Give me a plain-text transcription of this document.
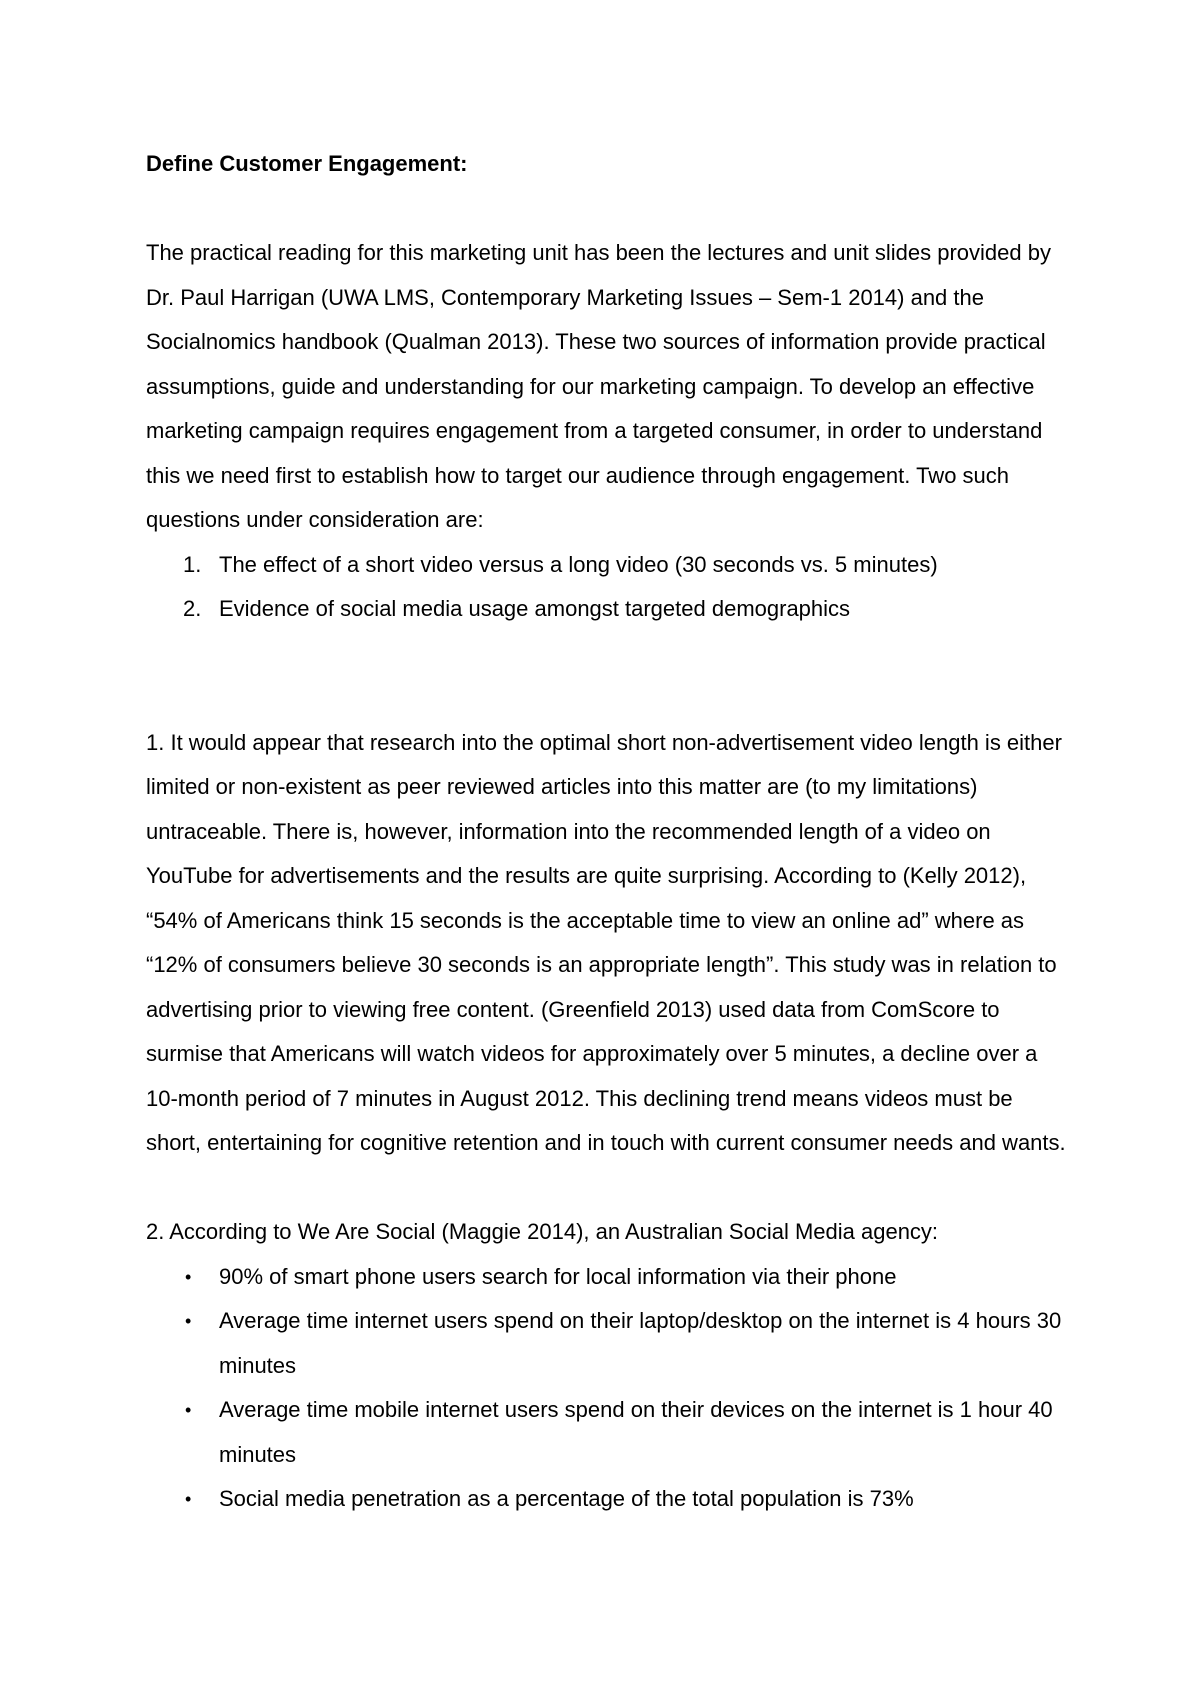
Define Customer Engagement:

The practical reading for this marketing unit has been the lectures and unit slides provided by Dr. Paul Harrigan (UWA LMS, Contemporary Marketing Issues – Sem-1 2014) and the Socialnomics handbook (Qualman 2013). These two sources of information provide practical assumptions, guide and understanding for our marketing campaign. To develop an effective marketing campaign requires engagement from a targeted consumer, in order to understand this we need first to establish how to target our audience through engagement. Two such questions under consideration are:

1. The effect of a short video versus a long video (30 seconds vs. 5 minutes)
2. Evidence of social media usage amongst targeted demographics

1. It would appear that research into the optimal short non-advertisement video length is either limited or non-existent as peer reviewed articles into this matter are (to my limitations) untraceable. There is, however, information into the recommended length of a video on YouTube for advertisements and the results are quite surprising. According to (Kelly 2012), “54% of Americans think 15 seconds is the acceptable time to view an online ad” where as “12% of consumers believe 30 seconds is an appropriate length”. This study was in relation to advertising prior to viewing free content. (Greenfield 2013) used data from ComScore to surmise that Americans will watch videos for approximately over 5 minutes, a decline over a 10-month period of 7 minutes in August 2012. This declining trend means videos must be short, entertaining for cognitive retention and in touch with current consumer needs and wants.

2. According to We Are Social (Maggie 2014), an Australian Social Media agency:

• 90% of smart phone users search for local information via their phone
• Average time internet users spend on their laptop/desktop on the internet is 4 hours 30 minutes
• Average time mobile internet users spend on their devices on the internet is 1 hour 40 minutes
• Social media penetration as a percentage of the total population is 73%
